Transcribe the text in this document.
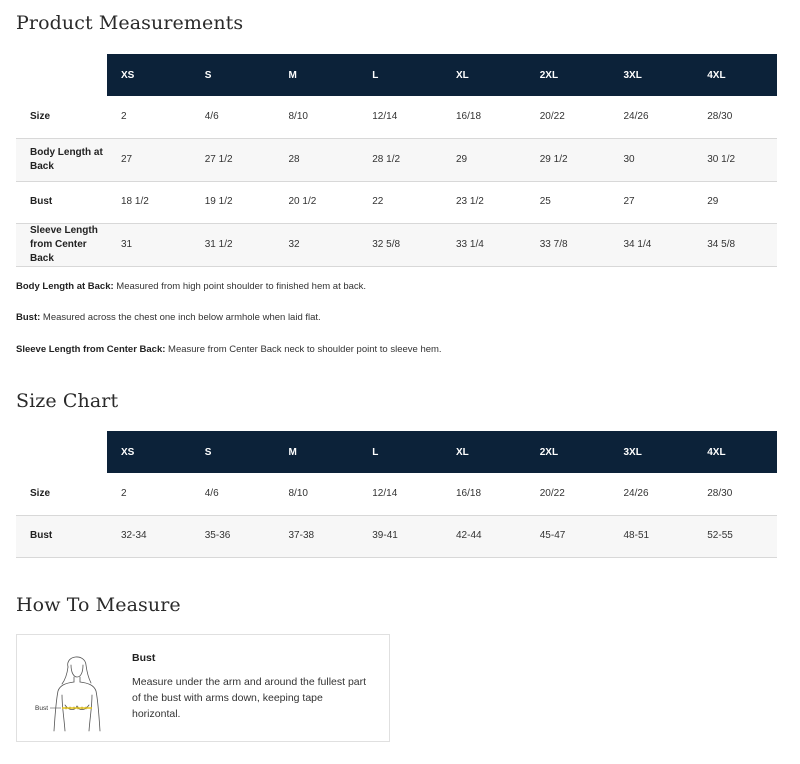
Product Measurements
	XS	S	M	L	XL	2XL	3XL	4XL
Size	2	4/6	8/10	12/14	16/18	20/22	24/26	28/30
Body Length at Back	27	27 1/2	28	28 1/2	29	29 1/2	30	30 1/2
Bust	18 1/2	19 1/2	20 1/2	22	23 1/2	25	27	29
Sleeve Length from Center Back	31	31 1/2	32	32 5/8	33 1/4	33 7/8	34 1/4	34 5/8

Body Length at Back: Measured from high point shoulder to finished hem at back.

Bust: Measured across the chest one inch below armhole when laid flat.

Sleeve Length from Center Back: Measure from Center Back neck to shoulder point to sleeve hem.

Size Chart
	XS	S	M	L	XL	2XL	3XL	4XL
Size	2	4/6	8/10	12/14	16/18	20/22	24/26	28/30
Bust	32-34	35-36	37-38	39-41	42-44	45-47	48-51	52-55
How To Measure
Bust
Bust
Measure under the arm and around the fullest part of the bust with arms down, keeping tape horizontal.
